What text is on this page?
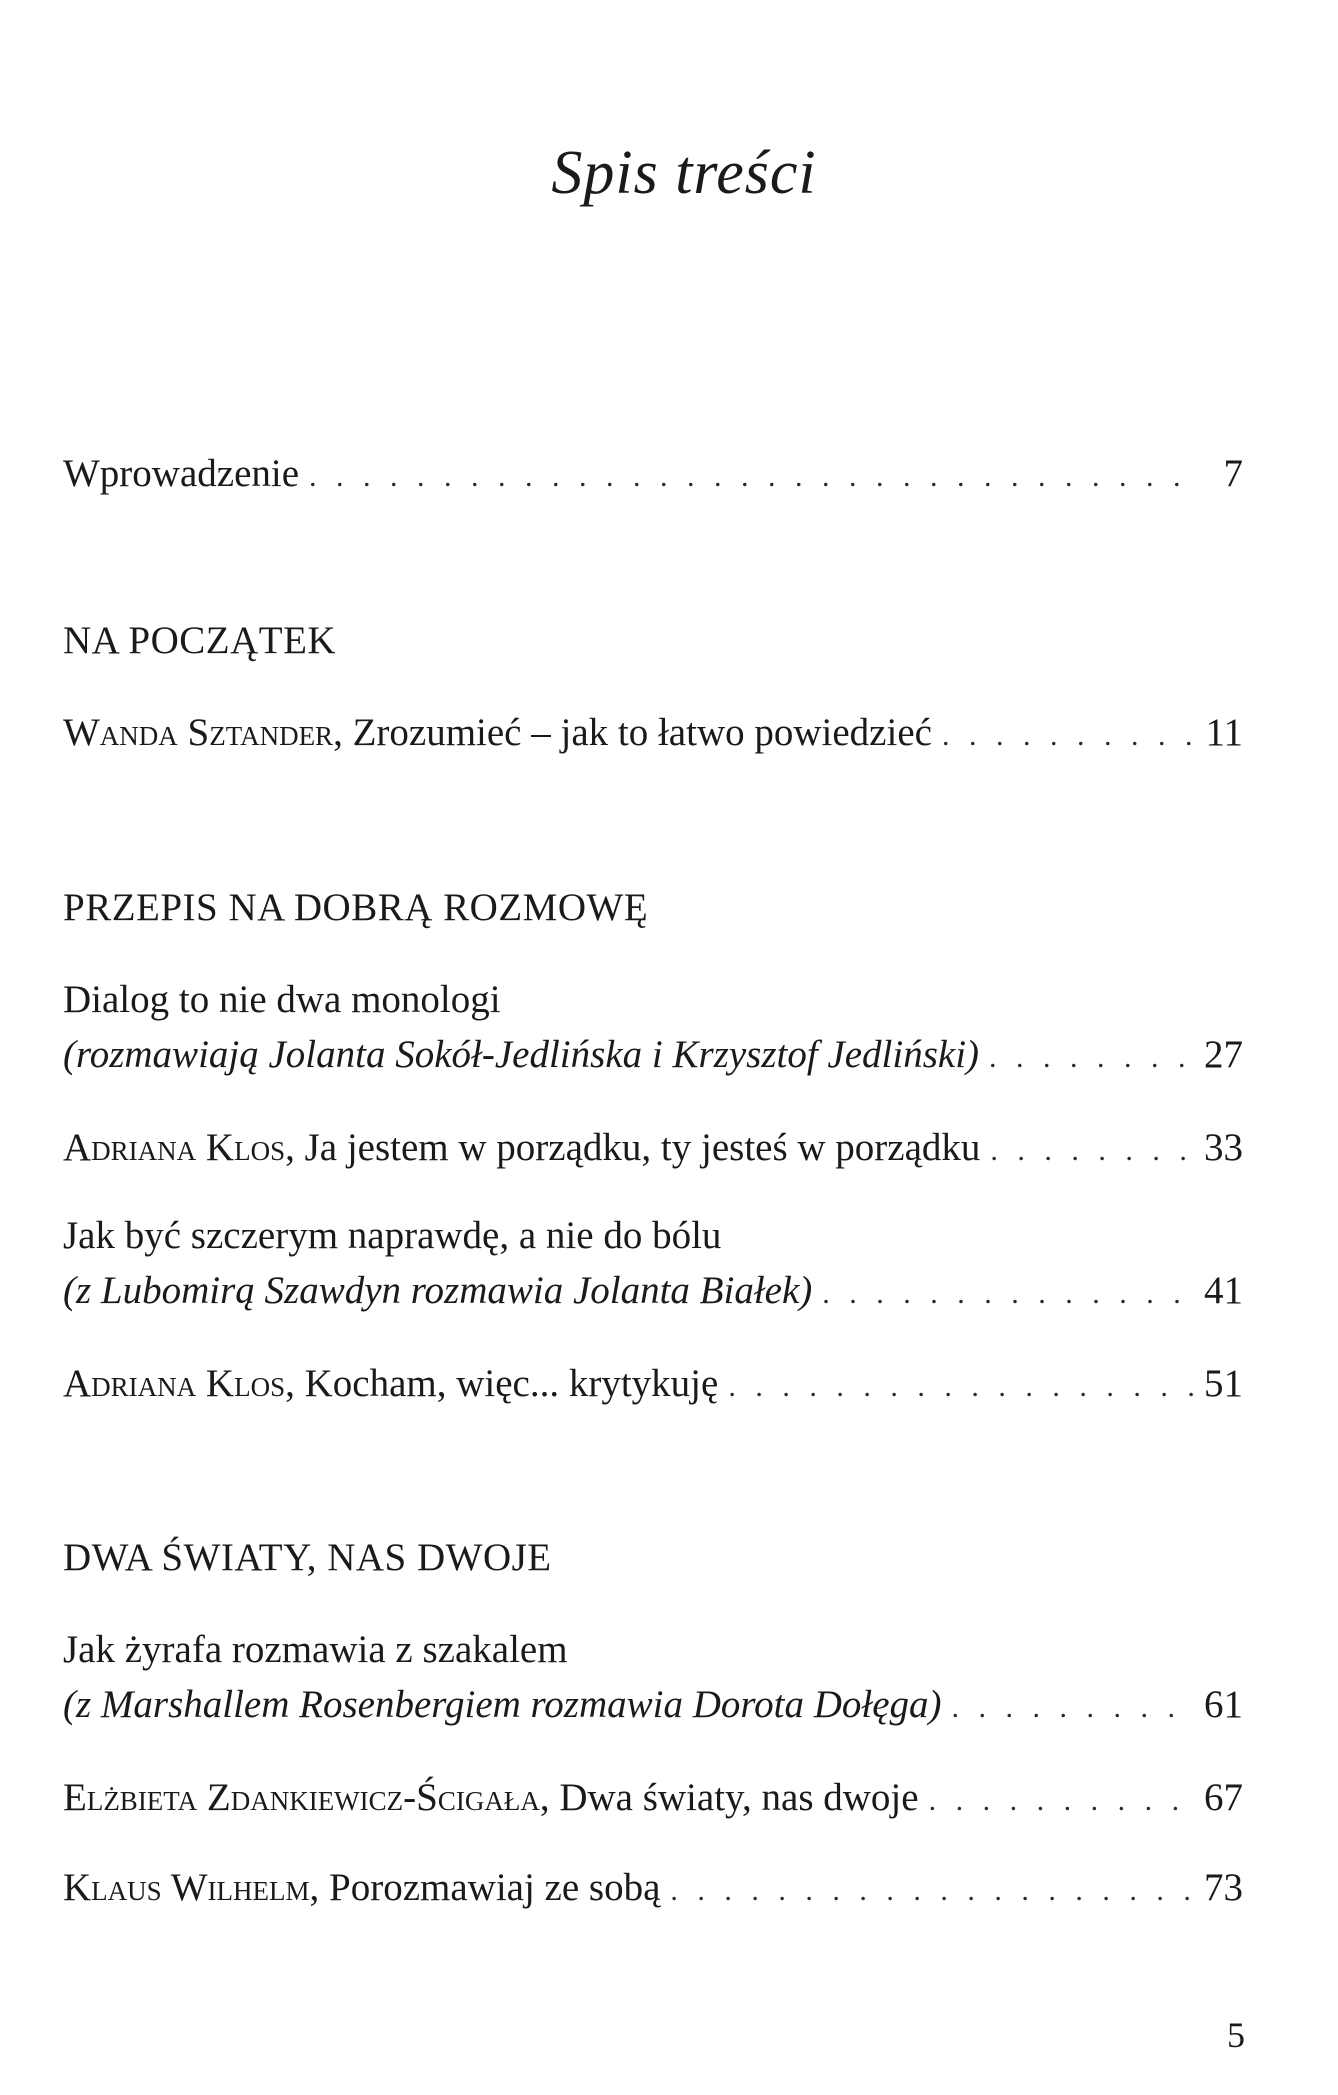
Spis treści
Wprowadzenie . . .	7
NA POCZĄTEK
Wanda Sztander, Zrozumieć – jak to łatwo powiedzieć . . .	11
PRZEPIS NA DOBRĄ ROZMOWĘ
Dialog to nie dwa monologi
(rozmawiają Jolanta Sokół-Jedlińska i Krzysztof Jedliński) . . .	27
Adriana Klos, Ja jestem w porządku, ty jesteś w porządku . . .	33
Jak być szczerym naprawdę, a nie do bólu
(z Lubomirą Szawdyn rozmawia Jolanta Białek) . . .	41
Adriana Klos, Kocham, więc... krytykuję . . .	51
DWA ŚWIATY, NAS DWOJE
Jak żyrafa rozmawia z szakalem
(z Marshallem Rosenbergiem rozmawia Dorota Dołęga) . . .	61
Elżbieta Zdankiewicz-Ścigała, Dwa światy, nas dwoje . . .	67
Klaus Wilhelm, Porozmawiaj ze sobą . . .	73
5
